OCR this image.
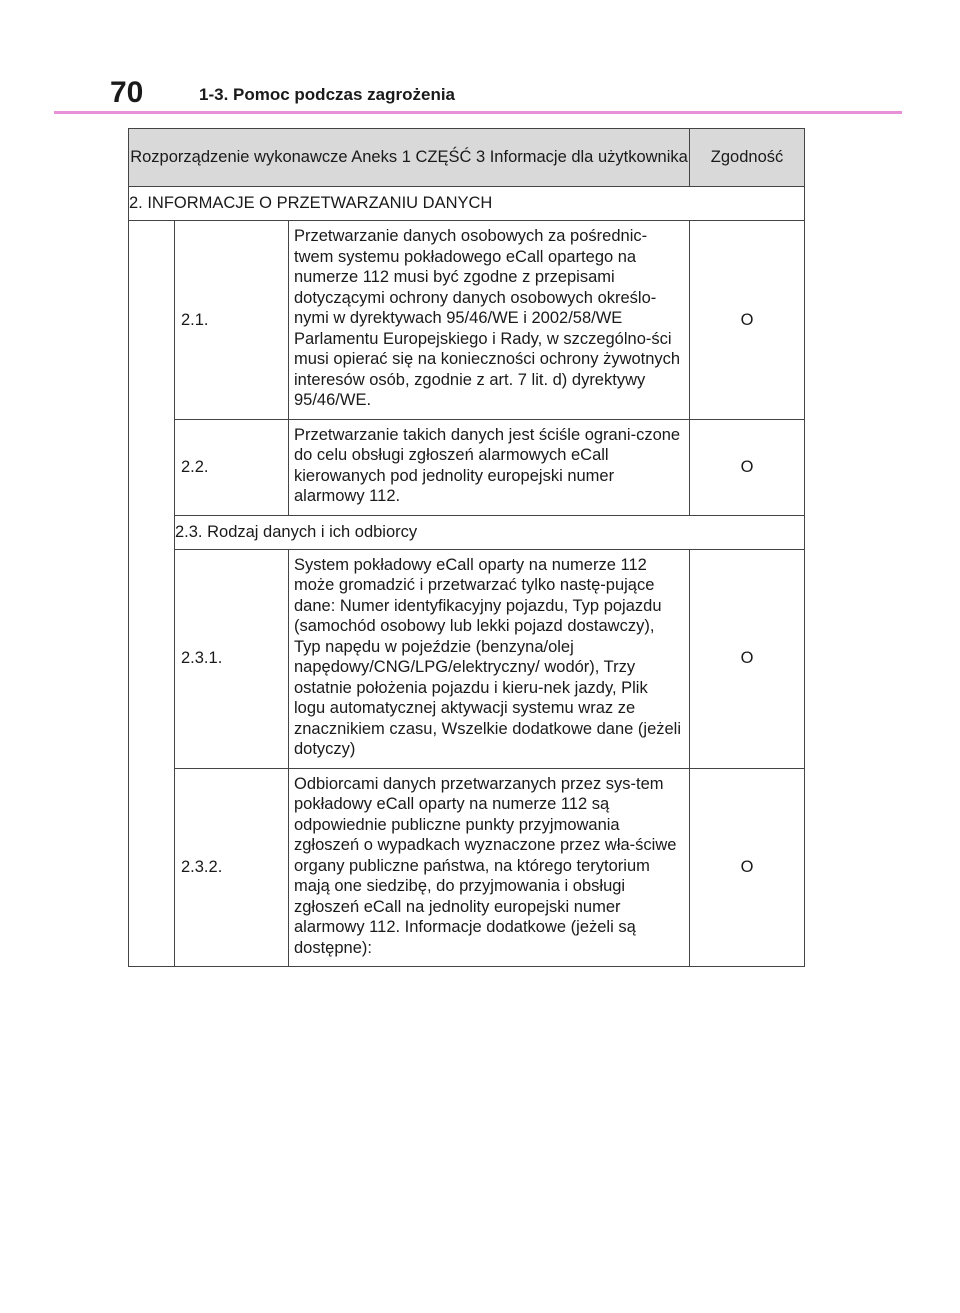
70	1-3. Pomoc podczas zagrożenia
Rozporządzenie wykonawcze Aneks 1 CZĘŚĆ 3 Informacje dla użytkownika			Zgodność
2. INFORMACJE O PRZETWARZANIU DANYCH			
	2.1.	Przetwarzanie danych osobowych za pośrednic-twem systemu pokładowego eCall opartego na numerze 112 musi być zgodne z przepisami dotyczącymi ochrony danych osobowych określo-nymi w dyrektywach 95/46/WE i 2002/58/WE Parlamentu Europejskiego i Rady, w szczególno-ści musi opierać się na konieczności ochrony żywotnych interesów osób, zgodnie z art. 7 lit. d) dyrektywy 95/46/WE.	O
	2.2.	Przetwarzanie takich danych jest ściśle ograni-czone do celu obsługi zgłoszeń alarmowych eCall kierowanych pod jednolity europejski numer alarmowy 112.	O
	2.3. Rodzaj danych i ich odbiorcy		
	2.3.1.	System pokładowy eCall oparty na numerze 112 może gromadzić i przetwarzać tylko nastę-pujące dane: Numer identyfikacyjny pojazdu, Typ pojazdu (samochód osobowy lub lekki pojazd dostawczy), Typ napędu w pojeździe (benzyna/olej napędowy/CNG/LPG/elektryczny/ wodór), Trzy ostatnie położenia pojazdu i kieru-nek jazdy, Plik logu automatycznej aktywacji systemu wraz ze znacznikiem czasu, Wszelkie dodatkowe dane (jeżeli dotyczy)	O
	2.3.2.	Odbiorcami danych przetwarzanych przez sys-tem pokładowy eCall oparty na numerze 112 są odpowiednie publiczne punkty przyjmowania zgłoszeń o wypadkach wyznaczone przez wła-ściwe organy publiczne państwa, na którego terytorium mają one siedzibę, do przyjmowania i obsługi zgłoszeń eCall na jednolity europejski numer alarmowy 112. Informacje dodatkowe (jeżeli są dostępne):	O
